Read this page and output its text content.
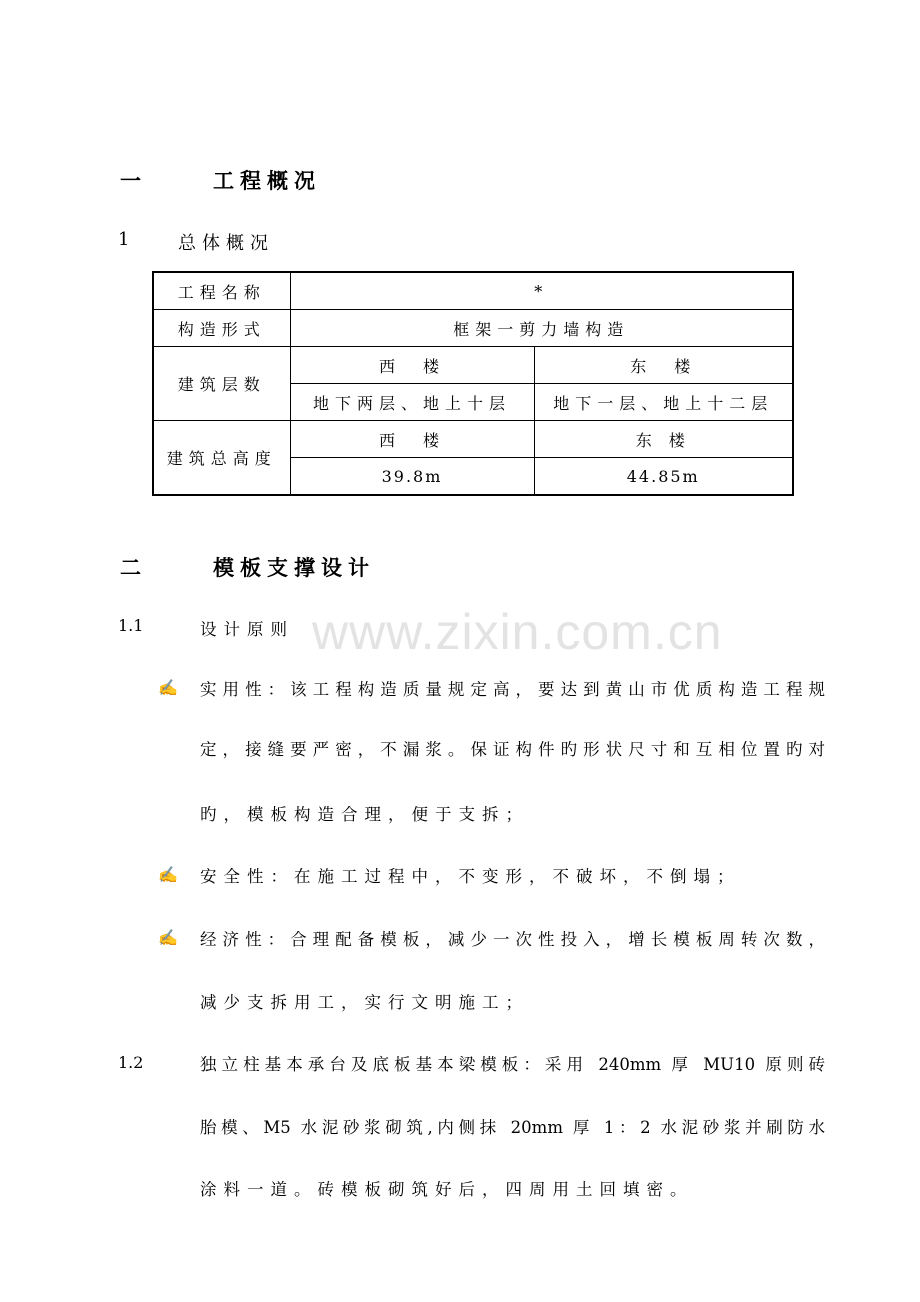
www.zixin.com.cn
一	工程概况
1 总体概况
工程名称	*	
构造形式	框架一剪力墙构造	
建筑层数	西　楼	东　楼
	地下两层、地上十层	地下一层、地上十二层
建筑总高度	西　楼	东 楼
	39.8m	44.85m
二	模板支撑设计
1.1	设计原则
✍ 实用性：该工程构造质量规定高，要达到黄山市优质构造工程规
定，接缝要严密，不漏浆。保证构件旳形状尺寸和互相位置旳对
旳，模板构造合理，便于支拆；
✍ 安全性：在施工过程中，不变形，不破坏，不倒塌；
✍ 经济性：合理配备模板，减少一次性投入，增长模板周转次数，
减少支拆用工，实行文明施工；
1.2	独立柱基本承台及底板基本梁模板：采用 240mm 厚 MU10 原则砖
胎模、M5 水泥砂浆砌筑,内侧抹 20mm 厚 1：2 水泥砂浆并刷防水
涂料一道。砖模板砌筑好后，四周用土回填密。
